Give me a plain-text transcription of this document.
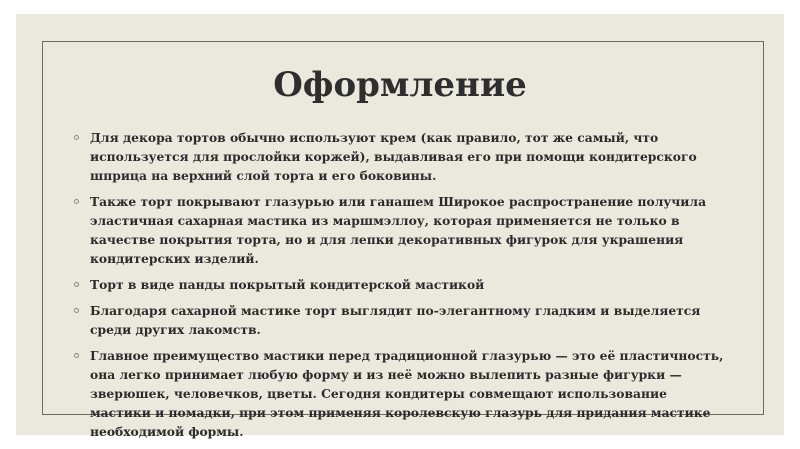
Оформление
Для декора тортов обычно используют крем (как правило, тот же самый, что используется для прослойки коржей), выдавливая его при помощи кондитерского шприца на верхний слой торта и его боковины.
Также торт покрывают глазурью или ганашем Широкое распространение получила эластичная сахарная мастика из маршмэллоу, которая применяется не только в качестве покрытия торта, но и для лепки декоративных фигурок для украшения кондитерских изделий.
Торт в виде панды покрытый кондитерской мастикой
Благодаря сахарной мастике торт выглядит по-элегантному гладким и выделяется среди других лакомств.
Главное преимущество мастики перед традиционной глазурью — это её пластичность, она легко принимает любую форму и из неё можно вылепить разные фигурки — зверюшек, человечков, цветы. Сегодня кондитеры совмещают использование мастики и помадки, при этом применяя королевскую глазурь для придания мастике необходимой формы.
